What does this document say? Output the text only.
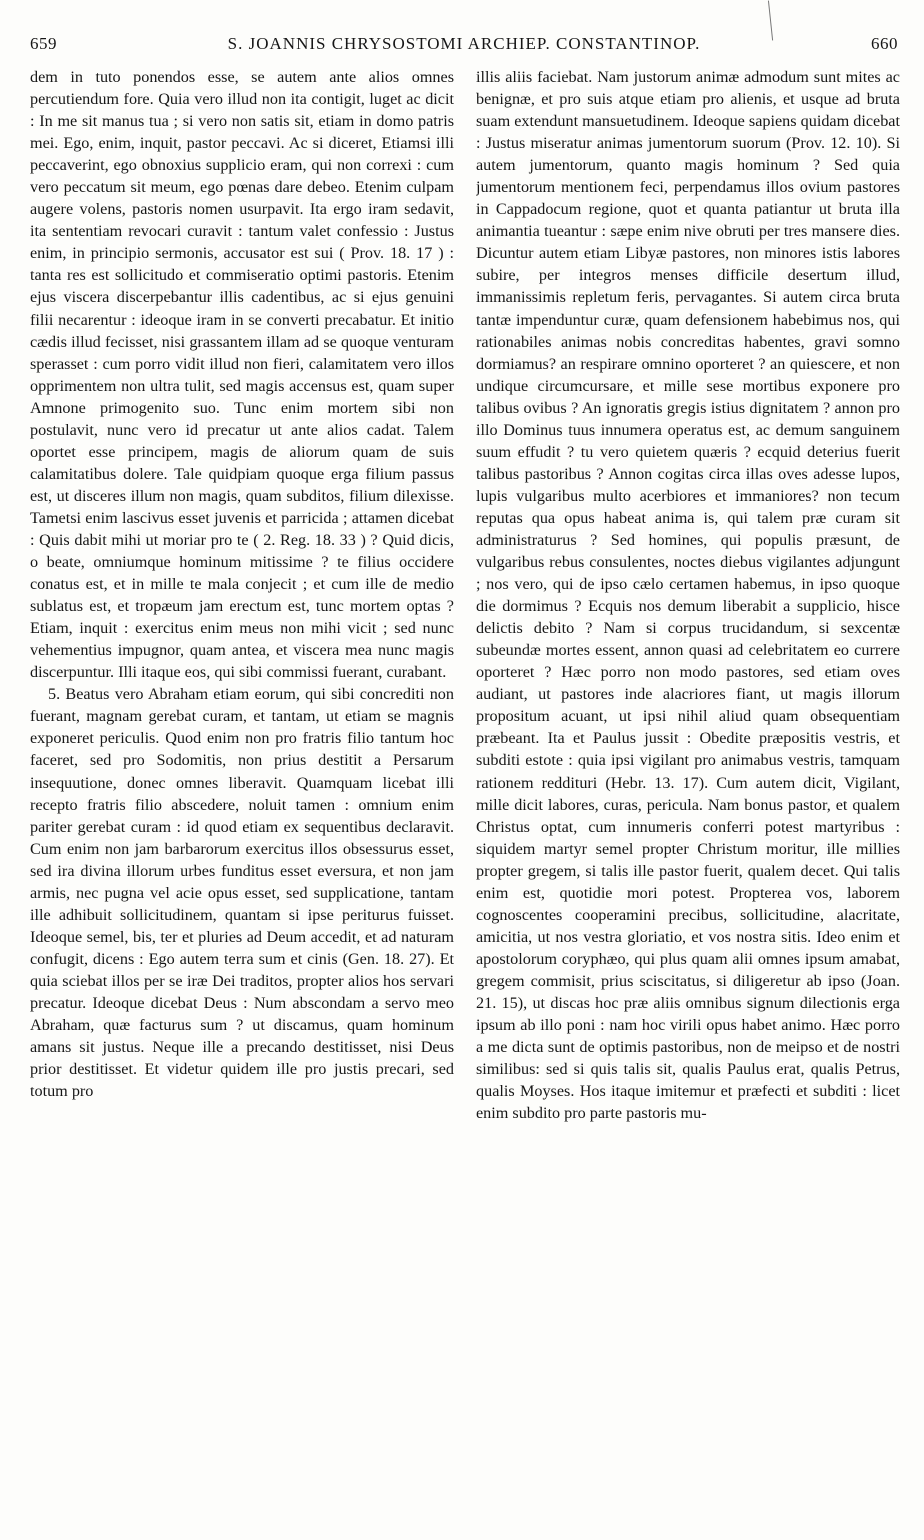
659	S. JOANNIS CHRYSOSTOMI ARCHIEP. CONSTANTINOP.	660

dem in tuto ponendos esse, se autem ante alios omnes percutiendum fore. Quia vero illud non ita contigit, luget ac dicit : In me sit manus tua ; si vero non satis sit, etiam in domo patris mei. Ego, enim, inquit, pastor peccavi. Ac si diceret, Etiamsi illi peccaverint, ego obnoxius supplicio eram, qui non correxi : cum vero peccatum sit meum, ego pœnas dare debeo. Etenim culpam augere volens, pastoris nomen usurpavit. Ita ergo iram sedavit, ita sententiam revocari curavit : tantum valet confessio : Justus enim, in principio sermonis, accusator est sui ( Prov. 18. 17 ) : tanta res est sollicitudo et commiseratio optimi pastoris. Etenim ejus viscera discerpebantur illis cadentibus, ac si ejus genuini filii necarentur : ideoque iram in se converti precabatur. Et initio cædis illud fecisset, nisi grassantem illam ad se quoque venturam sperasset : cum porro vidit illud non fieri, calamitatem vero illos opprimentem non ultra tulit, sed magis accensus est, quam super Amnone primogenito suo. Tunc enim mortem sibi non postulavit, nunc vero id precatur ut ante alios cadat. Talem oportet esse principem, magis de aliorum quam de suis calamitatibus dolere. Tale quidpiam quoque erga filium passus est, ut disceres illum non magis, quam subditos, filium dilexisse. Tametsi enim lascivus esset juvenis et parricida ; attamen dicebat : Quis dabit mihi ut moriar pro te ( 2. Reg. 18. 33 ) ? Quid dicis, o beate, omniumque hominum mitissime ? te filius occidere conatus est, et in mille te mala conjecit ; et cum ille de medio sublatus est, et tropæum jam erectum est, tunc mortem optas ? Etiam, inquit : exercitus enim meus non mihi vicit ; sed nunc vehementius impugnor, quam antea, et viscera mea nunc magis discerpuntur. Illi itaque eos, qui sibi commissi fuerant, curabant.

5. Beatus vero Abraham etiam eorum, qui sibi concrediti non fuerant, magnam gerebat curam, et tantam, ut etiam se magnis exponeret periculis. Quod enim non pro fratris filio tantum hoc faceret, sed pro Sodomitis, non prius destitit a Persarum insequutione, donec omnes liberavit. Quamquam licebat illi recepto fratris filio abscedere, noluit tamen : omnium enim pariter gerebat curam : id quod etiam ex sequentibus declaravit. Cum enim non jam barbarorum exercitus illos obsessurus esset, sed ira divina illorum urbes funditus esset eversura, et non jam armis, nec pugna vel acie opus esset, sed supplicatione, tantam ille adhibuit sollicitudinem, quantam si ipse periturus fuisset. Ideoque semel, bis, ter et pluries ad Deum accedit, et ad naturam confugit, dicens : Ego autem terra sum et cinis (Gen. 18. 27). Et quia sciebat illos per se iræ Dei traditos, propter alios hos servari precatur. Ideoque dicebat Deus : Num abscondam a servo meo Abraham, quæ facturus sum ? ut discamus, quam hominum amans sit justus. Neque ille a precando destitisset, nisi Deus prior destitisset. Et videtur quidem ille pro justis precari, sed totum pro

illis aliis faciebat. Nam justorum animæ admodum sunt mites ac benignæ, et pro suis atque etiam pro alienis, et usque ad bruta suam extendunt mansuetudinem. Ideoque sapiens quidam dicebat : Justus miseratur animas jumentorum suorum (Prov. 12. 10). Si autem jumentorum, quanto magis hominum ? Sed quia jumentorum mentionem feci, perpendamus illos ovium pastores in Cappadocum regione, quot et quanta patiantur ut bruta illa animantia tueantur : sæpe enim nive obruti per tres mansere dies. Dicuntur autem etiam Libyæ pastores, non minores istis labores subire, per integros menses difficile desertum illud, immanissimis repletum feris, pervagantes. Si autem circa bruta tantæ impenduntur curæ, quam defensionem habebimus nos, qui rationabiles animas nobis concreditas habentes, gravi somno dormiamus? an respirare omnino oporteret ? an quiescere, et non undique circumcursare, et mille sese mortibus exponere pro talibus ovibus ? An ignoratis gregis istius dignitatem ? annon pro illo Dominus tuus innumera operatus est, ac demum sanguinem suum effudit ? tu vero quietem quæris ? ecquid deterius fuerit talibus pastoribus ? Annon cogitas circa illas oves adesse lupos, lupis vulgaribus multo acerbiores et immaniores? non tecum reputas qua opus habeat anima is, qui talem præ curam sit administraturus ? Sed homines, qui populis præsunt, de vulgaribus rebus consulentes, noctes diebus vigilantes adjungunt ; nos vero, qui de ipso cælo certamen habemus, in ipso quoque die dormimus ? Ecquis nos demum liberabit a supplicio, hisce delictis debito ? Nam si corpus trucidandum, si sexcentæ subeundæ mortes essent, annon quasi ad celebritatem eo currere oporteret ? Hæc porro non modo pastores, sed etiam oves audiant, ut pastores inde alacriores fiant, ut magis illorum propositum acuant, ut ipsi nihil aliud quam obsequentiam præbeant. Ita et Paulus jussit : Obedite præpositis vestris, et subditi estote : quia ipsi vigilant pro animabus vestris, tamquam rationem reddituri (Hebr. 13. 17). Cum autem dicit, Vigilant, mille dicit labores, curas, pericula. Nam bonus pastor, et qualem Christus optat, cum innumeris conferri potest martyribus : siquidem martyr semel propter Christum moritur, ille millies propter gregem, si talis ille pastor fuerit, qualem decet. Qui talis enim est, quotidie mori potest. Propterea vos, laborem cognoscentes cooperamini precibus, sollicitudine, alacritate, amicitia, ut nos vestra gloriatio, et vos nostra sitis. Ideo enim et apostolorum coryphæo, qui plus quam alii omnes ipsum amabat, gregem commisit, prius sciscitatus, si diligeretur ab ipso (Joan. 21. 15), ut discas hoc præ aliis omnibus signum dilectionis erga ipsum ab illo poni : nam hoc virili opus habet animo. Hæc porro a me dicta sunt de optimis pastoribus, non de meipso et de nostri similibus: sed si quis talis sit, qualis Paulus erat, qualis Petrus, qualis Moyses. Hos itaque imitemur et præfecti et subditi : licet enim subdito pro parte pastoris mu-
